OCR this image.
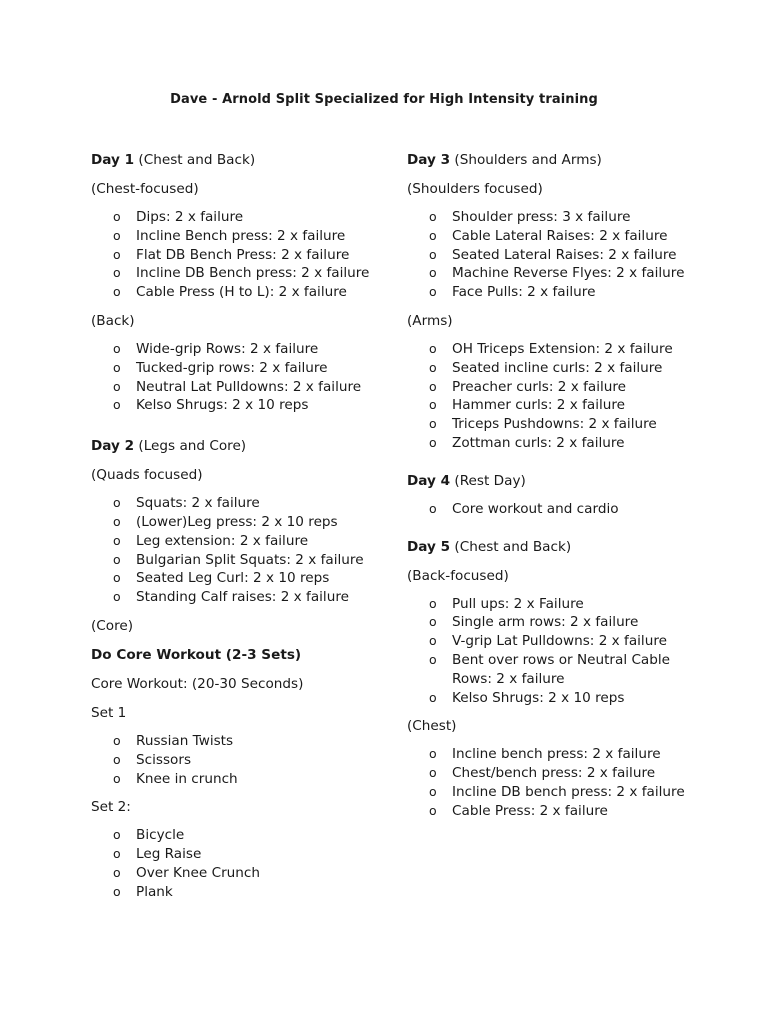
Dave - Arnold Split Specialized for High Intensity training

Day 1 (Chest and Back)

(Chest-focused)

o Dips: 2 x failure
o Incline Bench press: 2 x failure
o Flat DB Bench Press: 2 x failure
o Incline DB Bench press: 2 x failure
o Cable Press (H to L): 2 x failure

(Back)

o Wide-grip Rows: 2 x failure
o Tucked-grip rows: 2 x failure
o Neutral Lat Pulldowns: 2 x failure
o Kelso Shrugs: 2 x 10 reps

Day 2 (Legs and Core)

(Quads focused)

o Squats: 2 x failure
o (Lower)Leg press: 2 x 10 reps
o Leg extension: 2 x failure
o Bulgarian Split Squats: 2 x failure
o Seated Leg Curl: 2 x 10 reps
o Standing Calf raises: 2 x failure

(Core)

Do Core Workout (2-3 Sets)

Core Workout: (20-30 Seconds)

Set 1

o Russian Twists
o Scissors
o Knee in crunch

Set 2:

o Bicycle
o Leg Raise
o Over Knee Crunch
o Plank

Day 3 (Shoulders and Arms)

(Shoulders focused)

o Shoulder press: 3 x failure
o Cable Lateral Raises: 2 x failure
o Seated Lateral Raises: 2 x failure
o Machine Reverse Flyes: 2 x failure
o Face Pulls: 2 x failure

(Arms)

o OH Triceps Extension: 2 x failure
o Seated incline curls: 2 x failure
o Preacher curls: 2 x failure
o Hammer curls: 2 x failure
o Triceps Pushdowns: 2 x failure
o Zottman curls: 2 x failure

Day 4 (Rest Day)

o Core workout and cardio

Day 5 (Chest and Back)

(Back-focused)

o Pull ups: 2 x Failure
o Single arm rows: 2 x failure
o V-grip Lat Pulldowns: 2 x failure
o Bent over rows or Neutral Cable Rows: 2 x failure
o Kelso Shrugs: 2 x 10 reps

(Chest)

o Incline bench press: 2 x failure
o Chest/bench press: 2 x failure
o Incline DB bench press: 2 x failure
o Cable Press: 2 x failure
